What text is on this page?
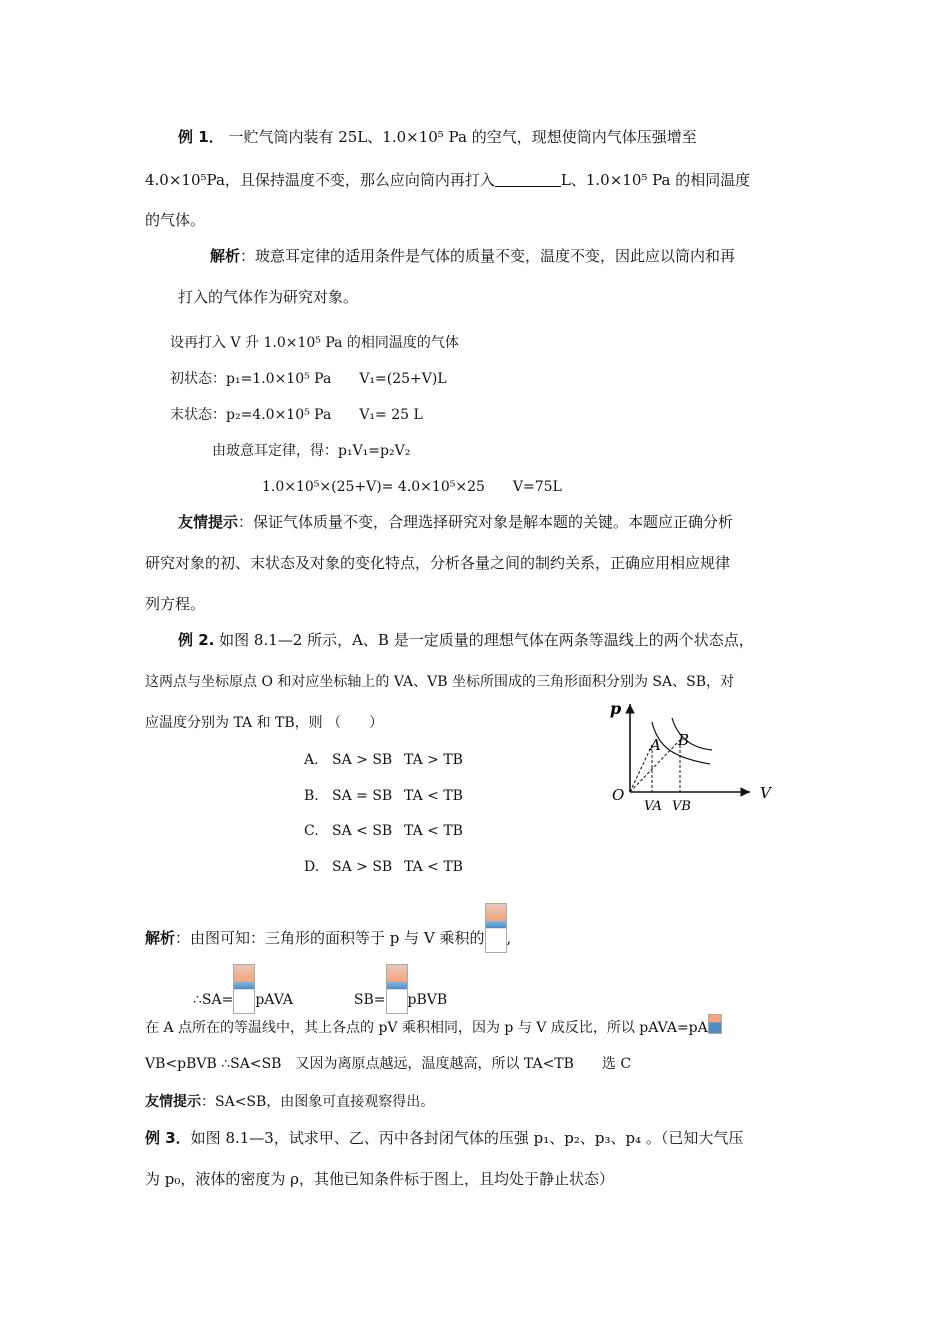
例 1． 一贮气筒内装有 25L、1.0×10⁵ Pa 的空气，现想使筒内气体压强增至
4.0×10⁵Pa，且保持温度不变，那么应向筒内再打入	L、1.0×10⁵ Pa 的相同温度
的气体。
解析：玻意耳定律的适用条件是气体的质量不变，温度不变，因此应以筒内和再
打入的气体作为研究对象。
设再打入 V 升 1.0×10⁵ Pa 的相同温度的气体
初状态：p₁=1.0×10⁵ Pa　　V₁=(25+V)L
末状态：p₂=4.0×10⁵ Pa　　V₁= 25 L
由玻意耳定律，得：p₁V₁=p₂V₂
1.0×10⁵×(25+V)= 4.0×10⁵×25　　V=75L
友情提示：保证气体质量不变，合理选择研究对象是解本题的关键。本题应正确分析
研究对象的初、末状态及对象的变化特点，分析各量之间的制约关系，正确应用相应规律
列方程。
例 2. 如图 8.1—2 所示，A、B 是一定质量的理想气体在两条等温线上的两个状态点，
这两点与坐标原点 O 和对应坐标轴上的 VA、VB 坐标所围成的三角形面积分别为 SA、SB，对
应温度分别为 TA 和 TB，则 （　　）
A. SA > SB TA > TB
B. SA = SB TA < TB
C. SA < SB TA < TB
D. SA > SB TA < TB
p
V
O
A B
VA VB
解析：由图可知：三角形的面积等于 p 与 V 乘积的 ,
∴SA= pAVA	SB= pBVB
在 A 点所在的等温线中，其上各点的 pV 乘积相同，因为 p 与 V 成反比，所以 pAVA=pA
VB<pBVB ∴SA<SB　又因为离原点越远，温度越高，所以 TA<TB　　选 C
友情提示：SA<SB，由图象可直接观察得出。
例 3．如图 8.1—3，试求甲、乙、丙中各封闭气体的压强 p₁、p₂、p₃、p₄ 。（已知大气压
为 p₀，液体的密度为 ρ，其他已知条件标于图上，且均处于静止状态）
